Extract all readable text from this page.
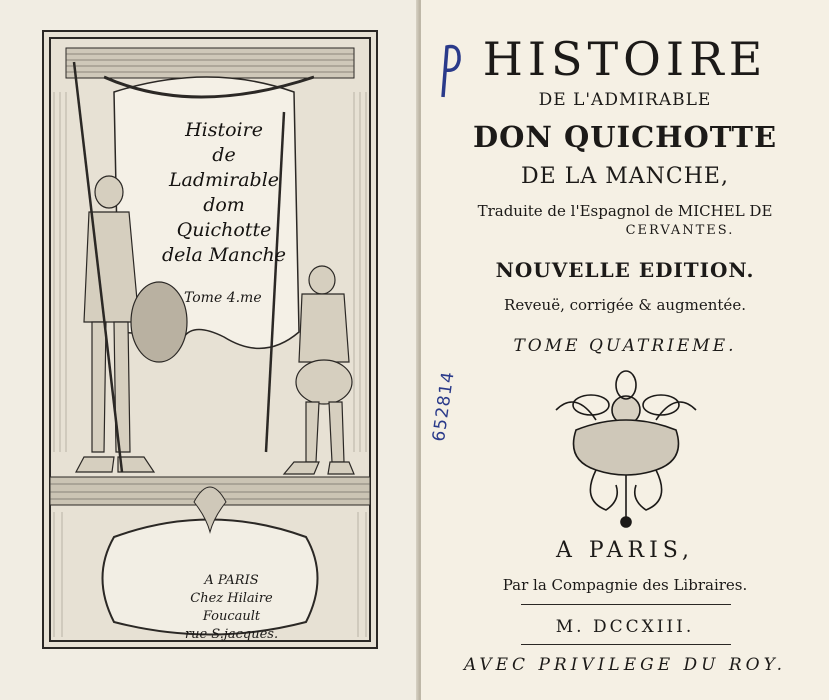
Histoire
de
Ladmirable
dom Quichotte
dela Manche
Tome 4.me
A PARIS
Chez Hilaire Foucault
rue S.jacques.
HISTOIRE
DE L'ADMIRABLE
DON QUICHOTTE
DE LA MANCHE,
Traduite de l'Espagnol de MICHEL DE
CERVANTES.
NOUVELLE EDITION.
Reveuë, corrigée & augmentée.
TOME QUATRIEME.
652814
A PARIS,
Par la Compagnie des Libraires.
M. DCCXIII.
AVEC PRIVILEGE DU ROY.
